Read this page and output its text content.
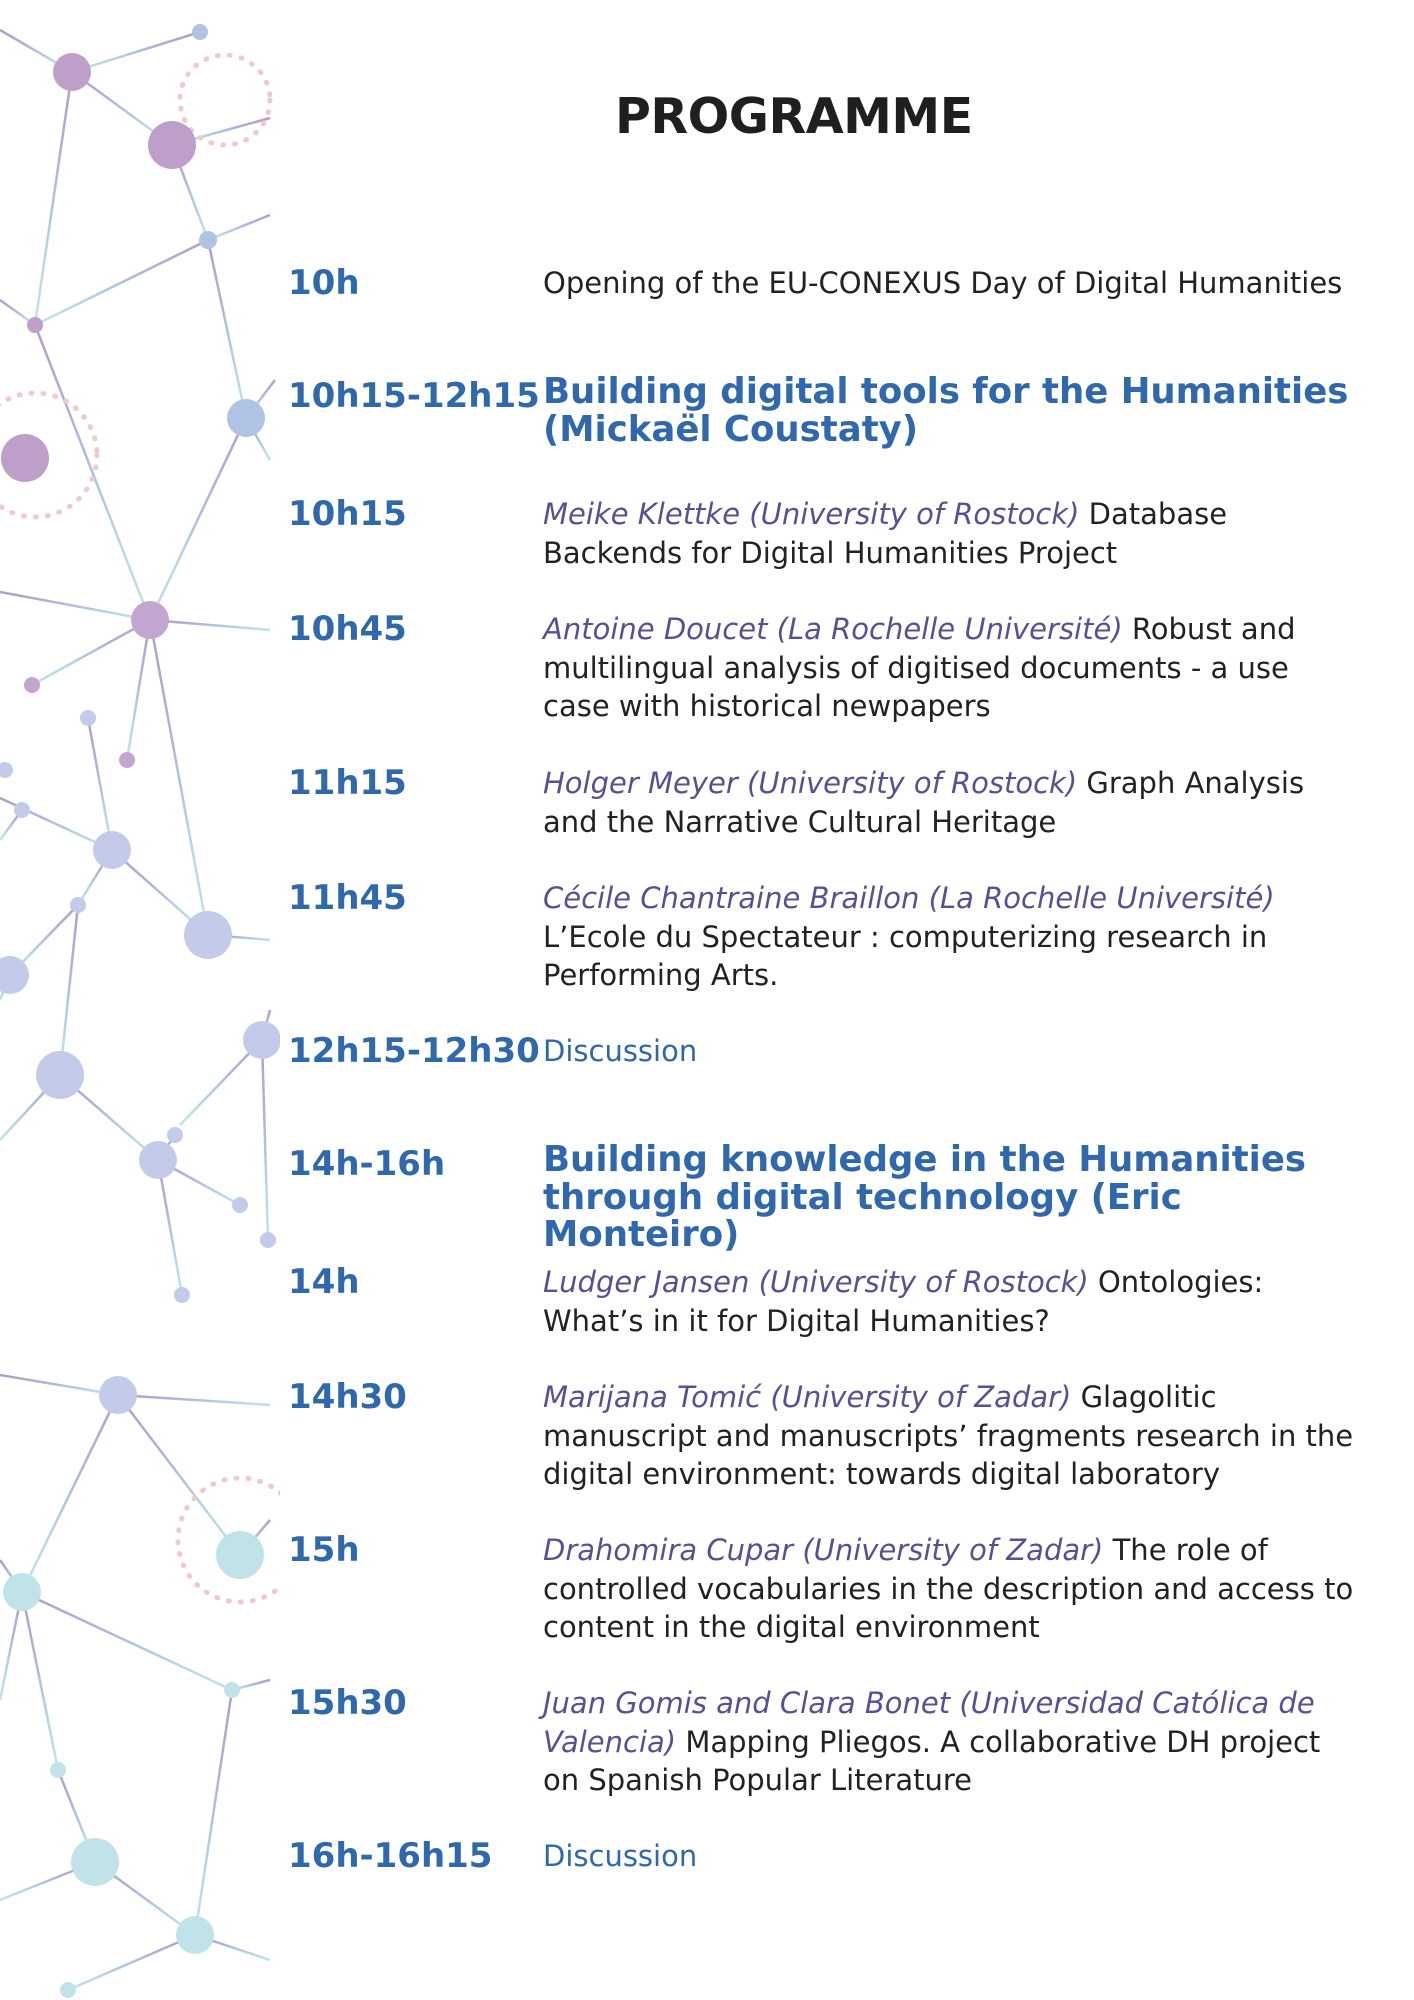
PROGRAMME
10h	Opening of the EU-CONEXUS Day of Digital Humanities
10h15-12h15 Building digital tools for the Humanities (Mickaël Coustaty)
10h15	Meike Klettke (University of Rostock) Database Backends for Digital Humanities Project
10h45	Antoine Doucet (La Rochelle Université) Robust and multilingual analysis of digitised documents - a use case with historical newpapers
11h15	Holger Meyer (University of Rostock) Graph Analysis and the Narrative Cultural Heritage
11h45	Cécile Chantraine Braillon (La Rochelle Université) L’Ecole du Spectateur : computerizing research in Performing Arts.
12h15-12h30 Discussion
14h-16h	Building knowledge in the Humanities through digital technology (Eric Monteiro)
14h	Ludger Jansen (University of Rostock) Ontologies: What’s in it for Digital Humanities?
14h30	Marijana Tomić (University of Zadar) Glagolitic manuscript and manuscripts’ fragments research in the digital environment: towards digital laboratory
15h	Drahomira Cupar (University of Zadar) The role of controlled vocabularies in the description and access to content in the digital environment
15h30	Juan Gomis and Clara Bonet (Universidad Católica de Valencia) Mapping Pliegos. A collaborative DH project on Spanish Popular Literature
16h-16h15 Discussion
